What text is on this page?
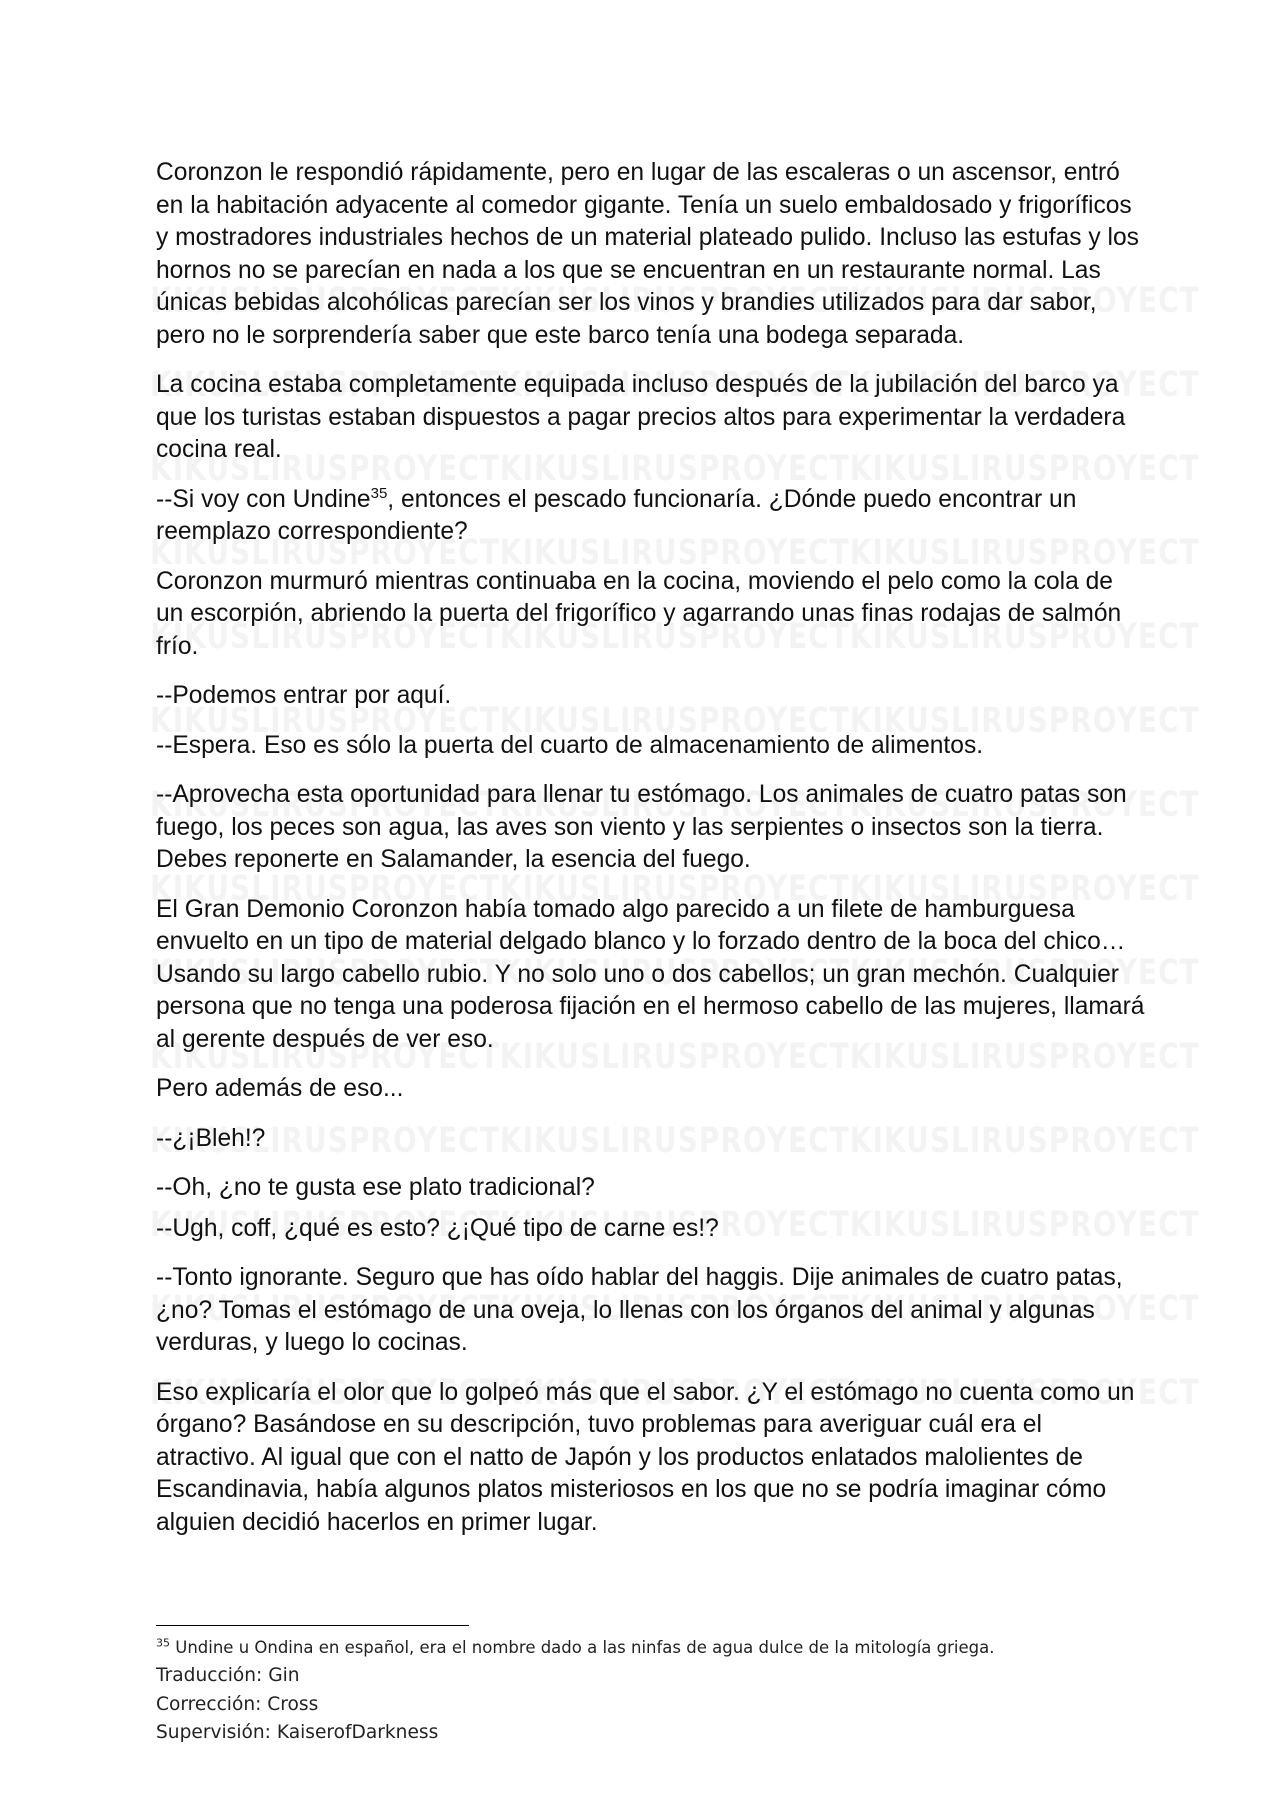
Coronzon le respondió rápidamente, pero en lugar de las escaleras o un ascensor, entró en la habitación adyacente al comedor gigante. Tenía un suelo embaldosado y frigoríficos y mostradores industriales hechos de un material plateado pulido. Incluso las estufas y los hornos no se parecían en nada a los que se encuentran en un restaurante normal. Las únicas bebidas alcohólicas parecían ser los vinos y brandies utilizados para dar sabor, pero no le sorprendería saber que este barco tenía una bodega separada.

La cocina estaba completamente equipada incluso después de la jubilación del barco ya que los turistas estaban dispuestos a pagar precios altos para experimentar la verdadera cocina real.

--Si voy con Undine$^{35}$, entonces el pescado funcionaría. ¿Dónde puedo encontrar un reemplazo correspondiente?

Coronzon murmuró mientras continuaba en la cocina, moviendo el pelo como la cola de un escorpión, abriendo la puerta del frigorífico y agarrando unas finas rodajas de salmón frío.

--Podemos entrar por aquí.

--Espera. Eso es sólo la puerta del cuarto de almacenamiento de alimentos.

--Aprovecha esta oportunidad para llenar tu estómago. Los animales de cuatro patas son fuego, los peces son agua, las aves son viento y las serpientes o insectos son la tierra. Debes reponerte en Salamander, la esencia del fuego.

El Gran Demonio Coronzon había tomado algo parecido a un filete de hamburguesa envuelto en un tipo de material delgado blanco y lo forzado dentro de la boca del chico… Usando su largo cabello rubio. Y no solo uno o dos cabellos; un gran mechón. Cualquier persona que no tenga una poderosa fijación en el hermoso cabello de las mujeres, llamará al gerente después de ver eso.

Pero además de eso...

--¿¡Bleh!?

--Oh, ¿no te gusta ese plato tradicional?

--Ugh, coff, ¿qué es esto? ¿¡Qué tipo de carne es!?

--Tonto ignorante. Seguro que has oído hablar del haggis. Dije animales de cuatro patas, ¿no? Tomas el estómago de una oveja, lo llenas con los órganos del animal y algunas verduras, y luego lo cocinas.

Eso explicaría el olor que lo golpeó más que el sabor. ¿Y el estómago no cuenta como un órgano? Basándose en su descripción, tuvo problemas para averiguar cuál era el atractivo. Al igual que con el natto de Japón y los productos enlatados malolientes de Escandinavia, había algunos platos misteriosos en los que no se podría imaginar cómo alguien decidió hacerlos en primer lugar.

$^{35}$ Undine u Ondina en español, era el nombre dado a las ninfas de agua dulce de la mitología griega.
Traducción: Gin
Corrección: Cross
Supervisión: KaiserofDarkness
